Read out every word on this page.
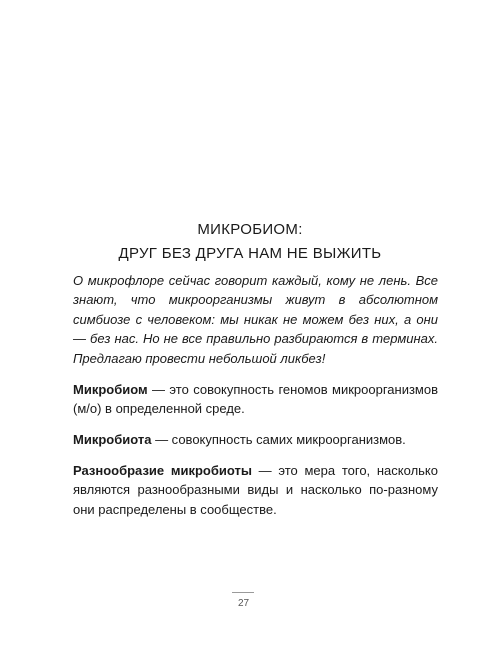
МИКРОБИОМ:
ДРУГ БЕЗ ДРУГА НАМ НЕ ВЫЖИТЬ

О микрофлоре сейчас говорит каждый, кому не лень. Все знают, что микроорганизмы живут в абсолютном симбиозе с человеком: мы никак не можем без них, а они — без нас. Но не все правильно разбираются в терминах. Предлагаю провести небольшой ликбез!

Микробиом — это совокупность геномов микроорганизмов (м/о) в определенной среде.

Микробиота — совокупность самих микроорганизмов.

Разнообразие микробиоты — это мера того, насколько являются разнообразными виды и насколько по-разному они распределены в сообществе.

27
